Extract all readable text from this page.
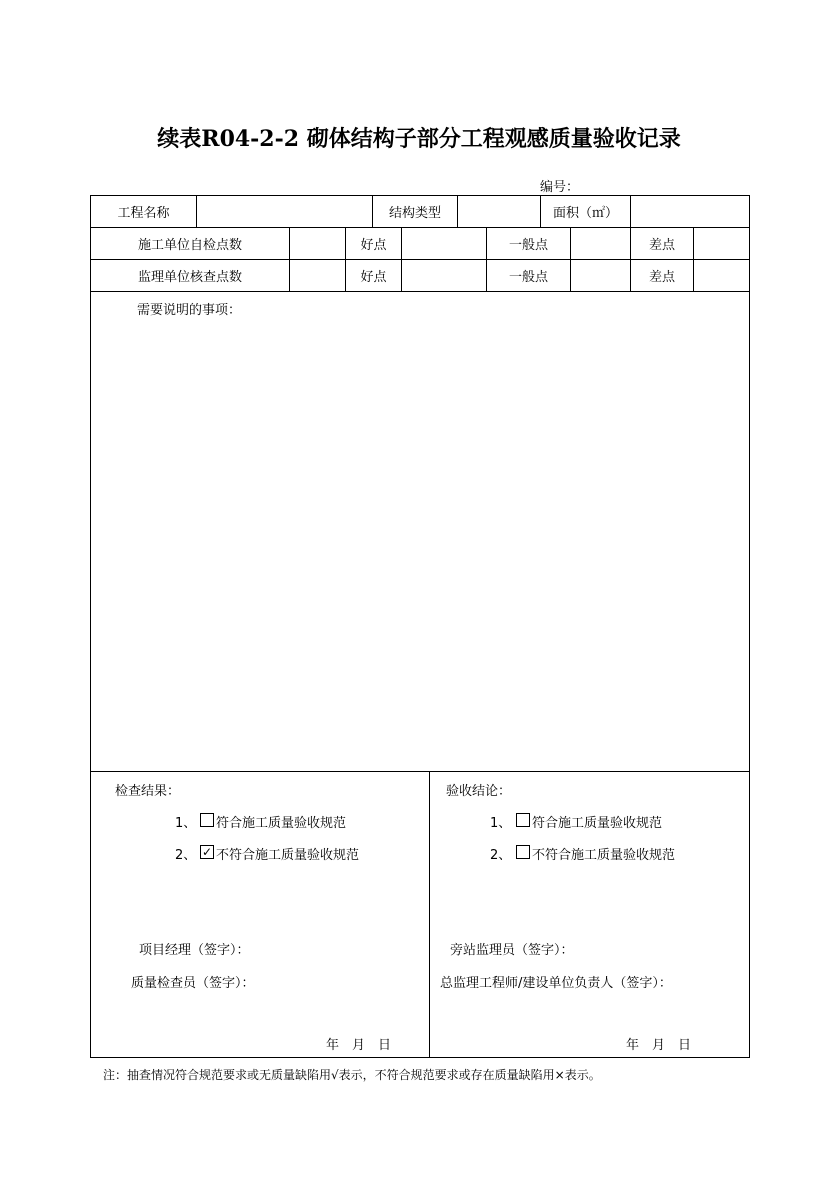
续表R04-2-2 砌体结构子部分工程观感质量验收记录
编号：
工程名称	结构类型	面积（㎡）
施工单位自检点数	好点	一般点	差点
监理单位核查点数	好点	一般点	差点
需要说明的事项：
检查结果：
1、 符合施工质量验收规范
2、 ✓ 不符合施工质量验收规范
项目经理（签字）：
质量检查员（签字）：
年　月　日
验收结论：
1、 符合施工质量验收规范
2、 不符合施工质量验收规范
旁站监理员（签字）：
总监理工程师/建设单位负责人（签字）：
年　月　日
注：抽查情况符合规范要求或无质量缺陷用√表示，不符合规范要求或存在质量缺陷用×表示。
